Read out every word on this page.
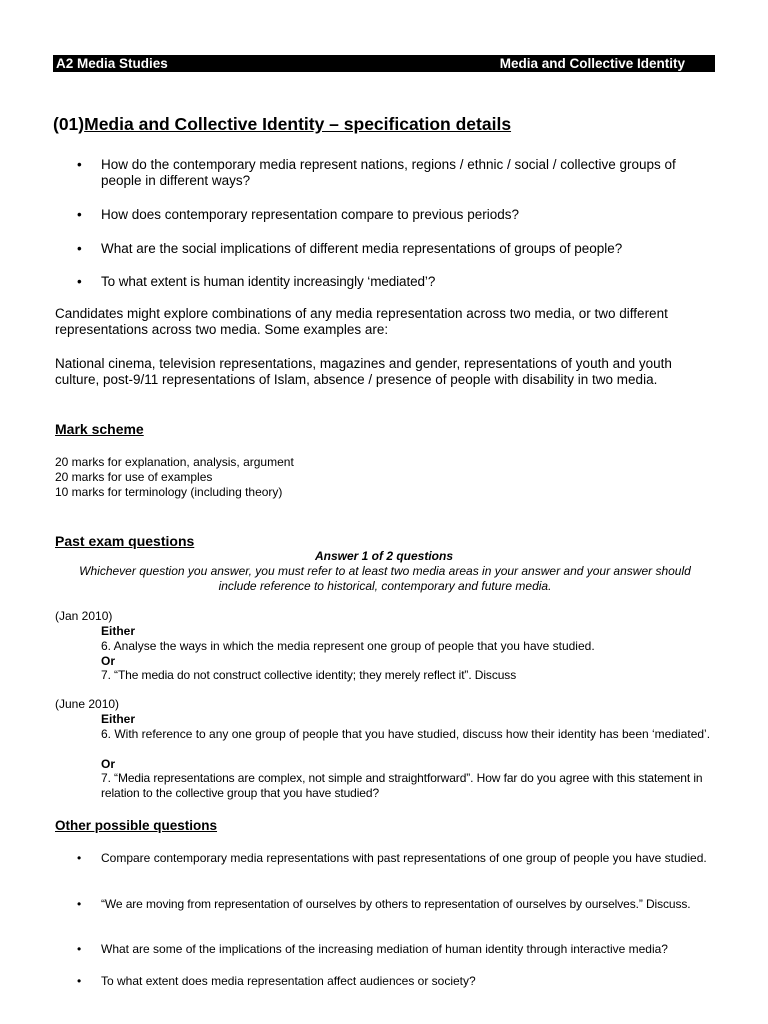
A2 Media Studies	Media and Collective Identity
(01)Media and Collective Identity – specification details
• How do the contemporary media represent nations, regions / ethnic / social / collective groups of people in different ways?
• How does contemporary representation compare to previous periods?
• What are the social implications of different media representations of groups of people?
• To what extent is human identity increasingly ‘mediated’?
Candidates might explore combinations of any media representation across two media, or two different representations across two media. Some examples are:
National cinema, television representations, magazines and gender, representations of youth and youth culture, post-9/11 representations of Islam, absence / presence of people with disability in two media.
Mark scheme
20 marks for explanation, analysis, argument
20 marks for use of examples
10 marks for terminology (including theory)
Past exam questions
Answer 1 of 2 questions
Whichever question you answer, you must refer to at least two media areas in your answer and your answer should include reference to historical, contemporary and future media.
(Jan 2010)
Either
6. Analyse the ways in which the media represent one group of people that you have studied.
Or
7. “The media do not construct collective identity; they merely reflect it”. Discuss
(June 2010)
Either
6. With reference to any one group of people that you have studied, discuss how their identity has been ‘mediated’.
Or
7. “Media representations are complex, not simple and straightforward”. How far do you agree with this statement in relation to the collective group that you have studied?
Other possible questions
• Compare contemporary media representations with past representations of one group of people you have studied.
• “We are moving from representation of ourselves by others to representation of ourselves by ourselves.” Discuss.
• What are some of the implications of the increasing mediation of human identity through interactive media?
• To what extent does media representation affect audiences or society?
